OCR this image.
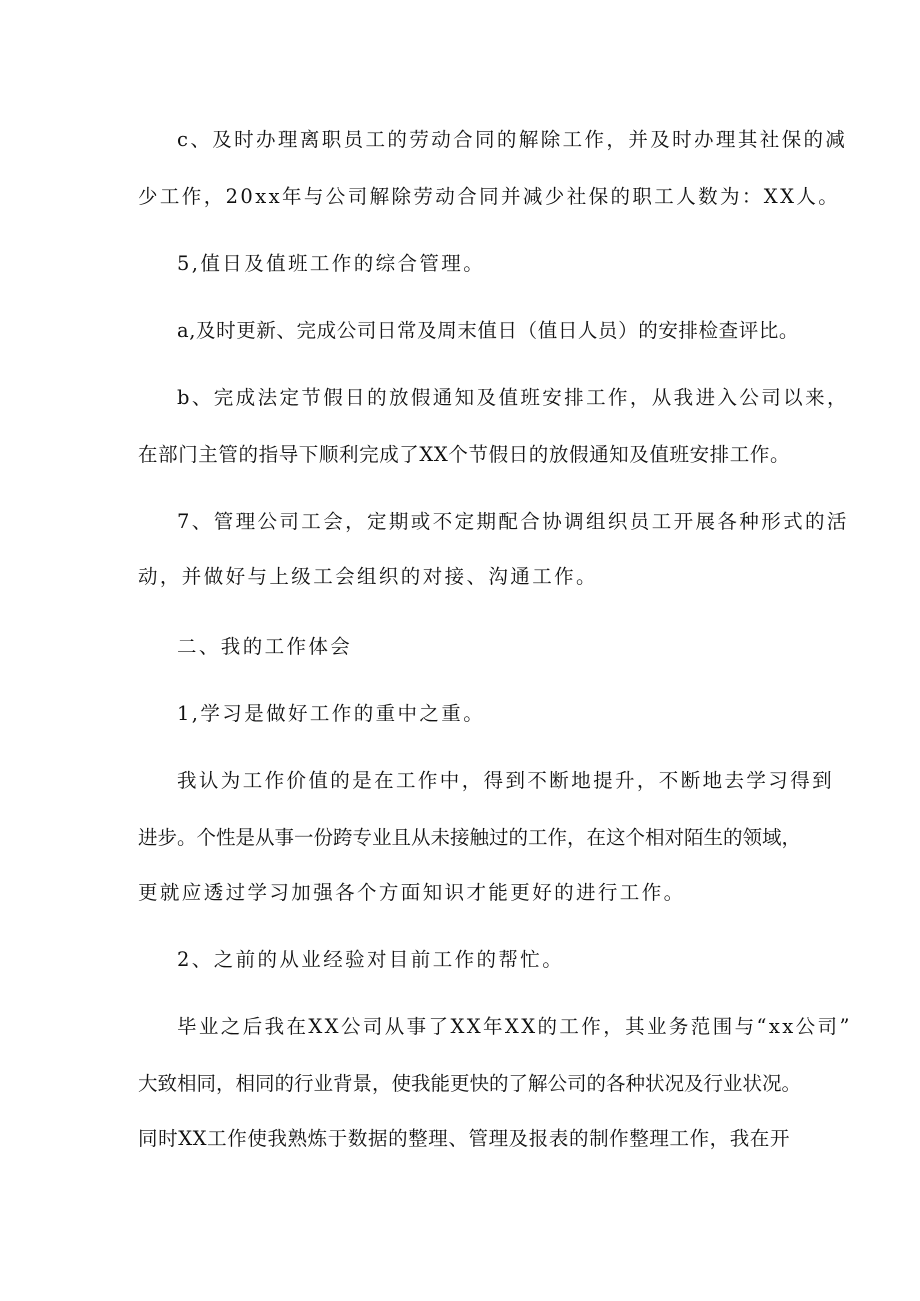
c、及时办理离职员工的劳动合同的解除工作，并及时办理其社保的减
少工作，20xx年与公司解除劳动合同并减少社保的职工人数为：XX人。
5,值日及值班工作的综合管理。
a,及时更新、完成公司日常及周末值日（值日人员）的安排检查评比。
b、完成法定节假日的放假通知及值班安排工作，从我进入公司以来，
在部门主管的指导下顺利完成了XX个节假日的放假通知及值班安排工作。
7、管理公司工会，定期或不定期配合协调组织员工开展各种形式的活
动，并做好与上级工会组织的对接、沟通工作。
二、我的工作体会
1,学习是做好工作的重中之重。
我认为工作价值的是在工作中，得到不断地提升，不断地去学习得到
进步。个性是从事一份跨专业且从未接触过的工作，在这个相对陌生的领域，
更就应透过学习加强各个方面知识才能更好的进行工作。
2、之前的从业经验对目前工作的帮忙。
毕业之后我在XX公司从事了XX年XX的工作，其业务范围与“xx公司”
大致相同，相同的行业背景，使我能更快的了解公司的各种状况及行业状况。
同时XX工作使我熟炼于数据的整理、管理及报表的制作整理工作，我在开
